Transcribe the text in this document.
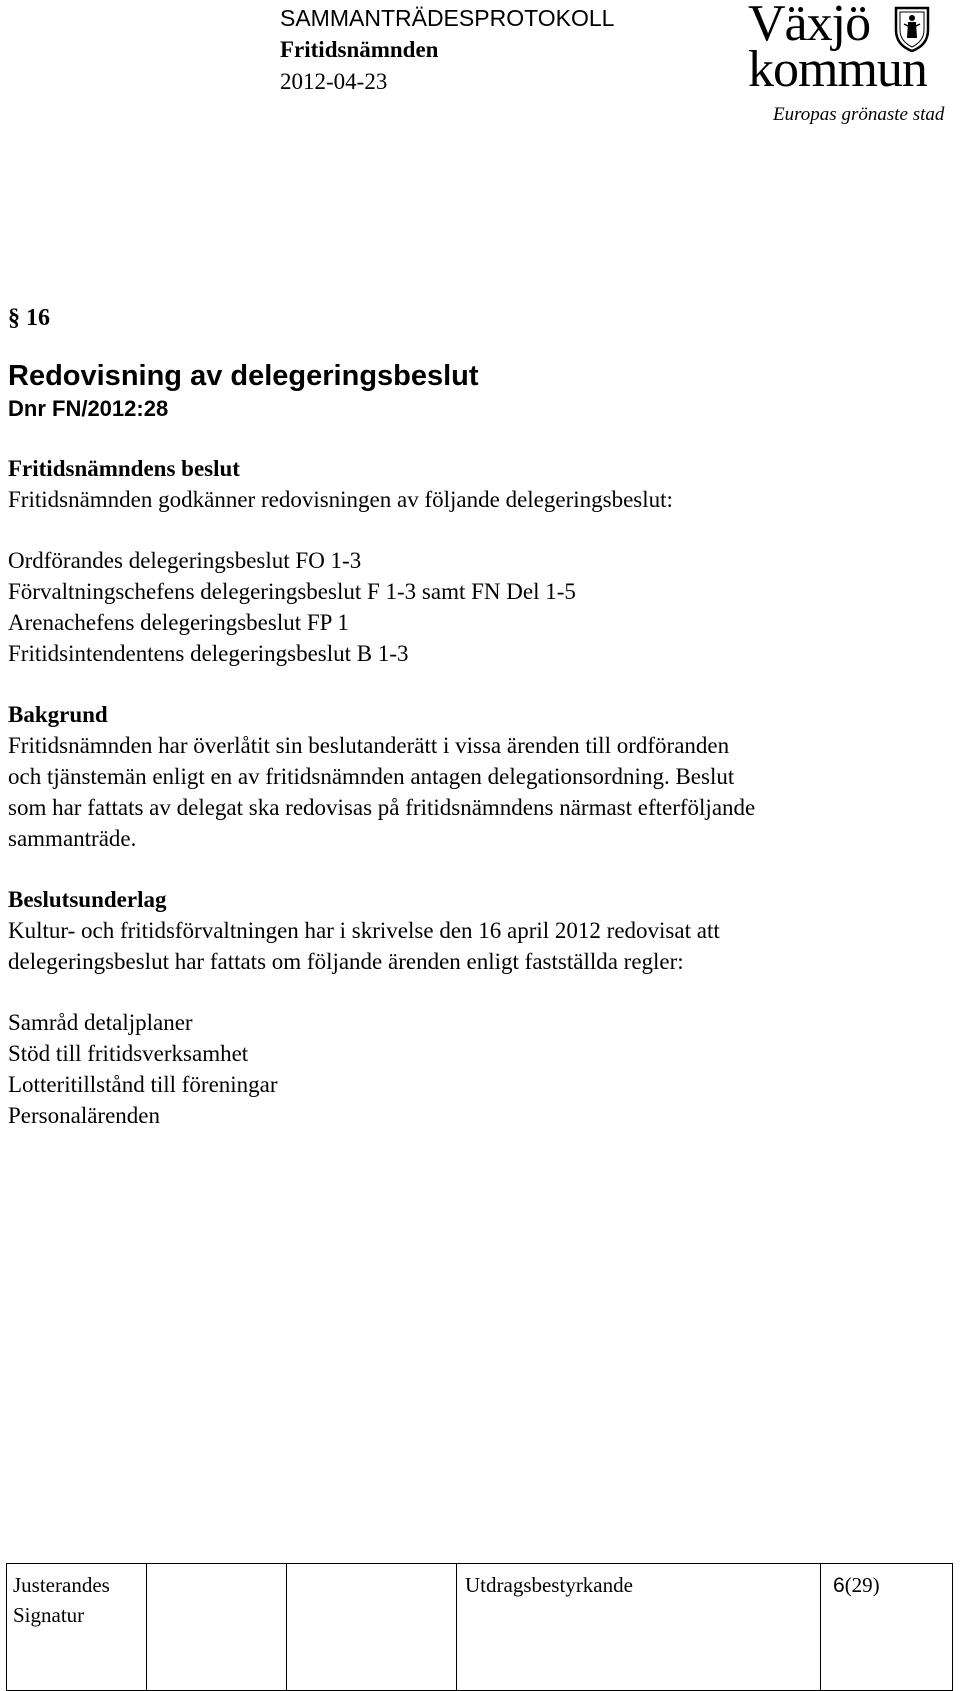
SAMMANTRÄDESPROTOKOLL
Fritidsnämnden
2012-04-23
Växjö
kommun
Europas grönaste stad
§ 16
Redovisning av delegeringsbeslut
Dnr FN/2012:28

Fritidsnämndens beslut

Fritidsnämnden godkänner redovisningen av följande delegeringsbeslut:

Ordförandes delegeringsbeslut FO 1-3

Förvaltningschefens delegeringsbeslut F 1-3 samt FN Del 1-5

Arenachefens delegeringsbeslut FP 1

Fritidsintendentens delegeringsbeslut B 1-3

Bakgrund

Fritidsnämnden har överlåtit sin beslutanderätt i vissa ärenden till ordföranden

och tjänstemän enligt en av fritidsnämnden antagen delegationsordning. Beslut

som har fattats av delegat ska redovisas på fritidsnämndens närmast efterföljande

sammanträde.

Beslutsunderlag

Kultur- och fritidsförvaltningen har i skrivelse den 16 april 2012 redovisat att

delegeringsbeslut har fattats om följande ärenden enligt fastställda regler:

Samråd detaljplaner

Stöd till fritidsverksamhet

Lotteritillstånd till föreningar

Personalärenden

Justerandes
Signatur
Utdragsbestyrkande	6(29)
